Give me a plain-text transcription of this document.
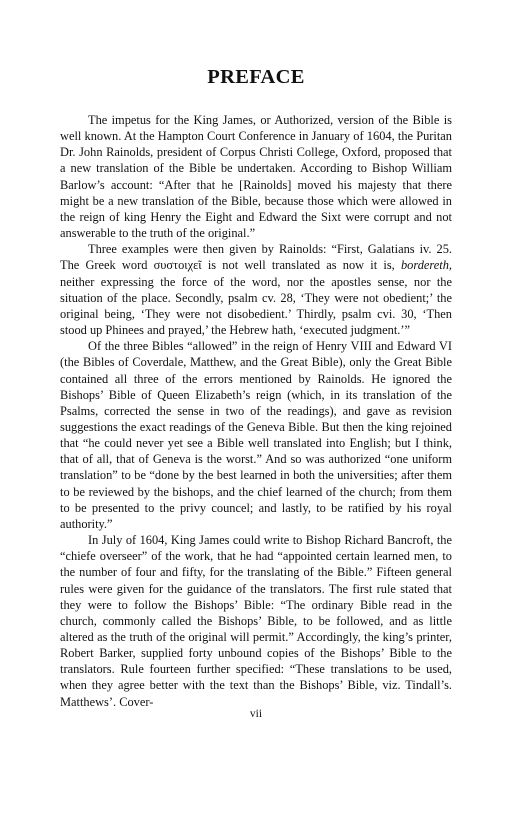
PREFACE

The impetus for the King James, or Authorized, version of the Bible is well known. At the Hampton Court Conference in January of 1604, the Puritan Dr. John Rainolds, president of Corpus Christi College, Oxford, proposed that a new translation of the Bible be undertaken. According to Bishop William Barlow’s account: “After that he [Rainolds] moved his majesty that there might be a new translation of the Bible, because those which were allowed in the reign of king Henry the Eight and Edward the Sixt were corrupt and not answerable to the truth of the original.”

Three examples were then given by Rainolds: “First, Galatians iv. 25. The Greek word συστοιχεῖ is not well translated as now it is, bordereth, neither expressing the force of the word, nor the apostles sense, nor the situation of the place. Secondly, psalm cv. 28, ‘They were not obedient;’ the original being, ‘They were not disobedient.’ Thirdly, psalm cvi. 30, ‘Then stood up Phinees and prayed,’ the Hebrew hath, ‘executed judgment.’”

Of the three Bibles “allowed” in the reign of Henry VIII and Edward VI (the Bibles of Coverdale, Matthew, and the Great Bible), only the Great Bible contained all three of the errors mentioned by Rainolds. He ignored the Bishops’ Bible of Queen Elizabeth’s reign (which, in its translation of the Psalms, corrected the sense in two of the readings), and gave as revision suggestions the exact readings of the Geneva Bible. But then the king rejoined that “he could never yet see a Bible well translated into English; but I think, that of all, that of Geneva is the worst.” And so was authorized “one uniform translation” to be “done by the best learned in both the universities; after them to be reviewed by the bishops, and the chief learned of the church; from them to be presented to the privy councel; and lastly, to be ratified by his royal authority.”

In July of 1604, King James could write to Bishop Richard Bancroft, the “chiefe overseer” of the work, that he had “appointed certain learned men, to the number of four and fifty, for the translating of the Bible.” Fifteen general rules were given for the guidance of the translators. The first rule stated that they were to follow the Bishops’ Bible: “The ordinary Bible read in the church, commonly called the Bishops’ Bible, to be followed, and as little altered as the truth of the original will permit.” Accordingly, the king’s printer, Robert Barker, supplied forty unbound copies of the Bishops’ Bible to the translators. Rule fourteen further specified: “These translations to be used, when they agree better with the text than the Bishops’ Bible, viz. Tindall’s. Matthews’. Cover-

vii
